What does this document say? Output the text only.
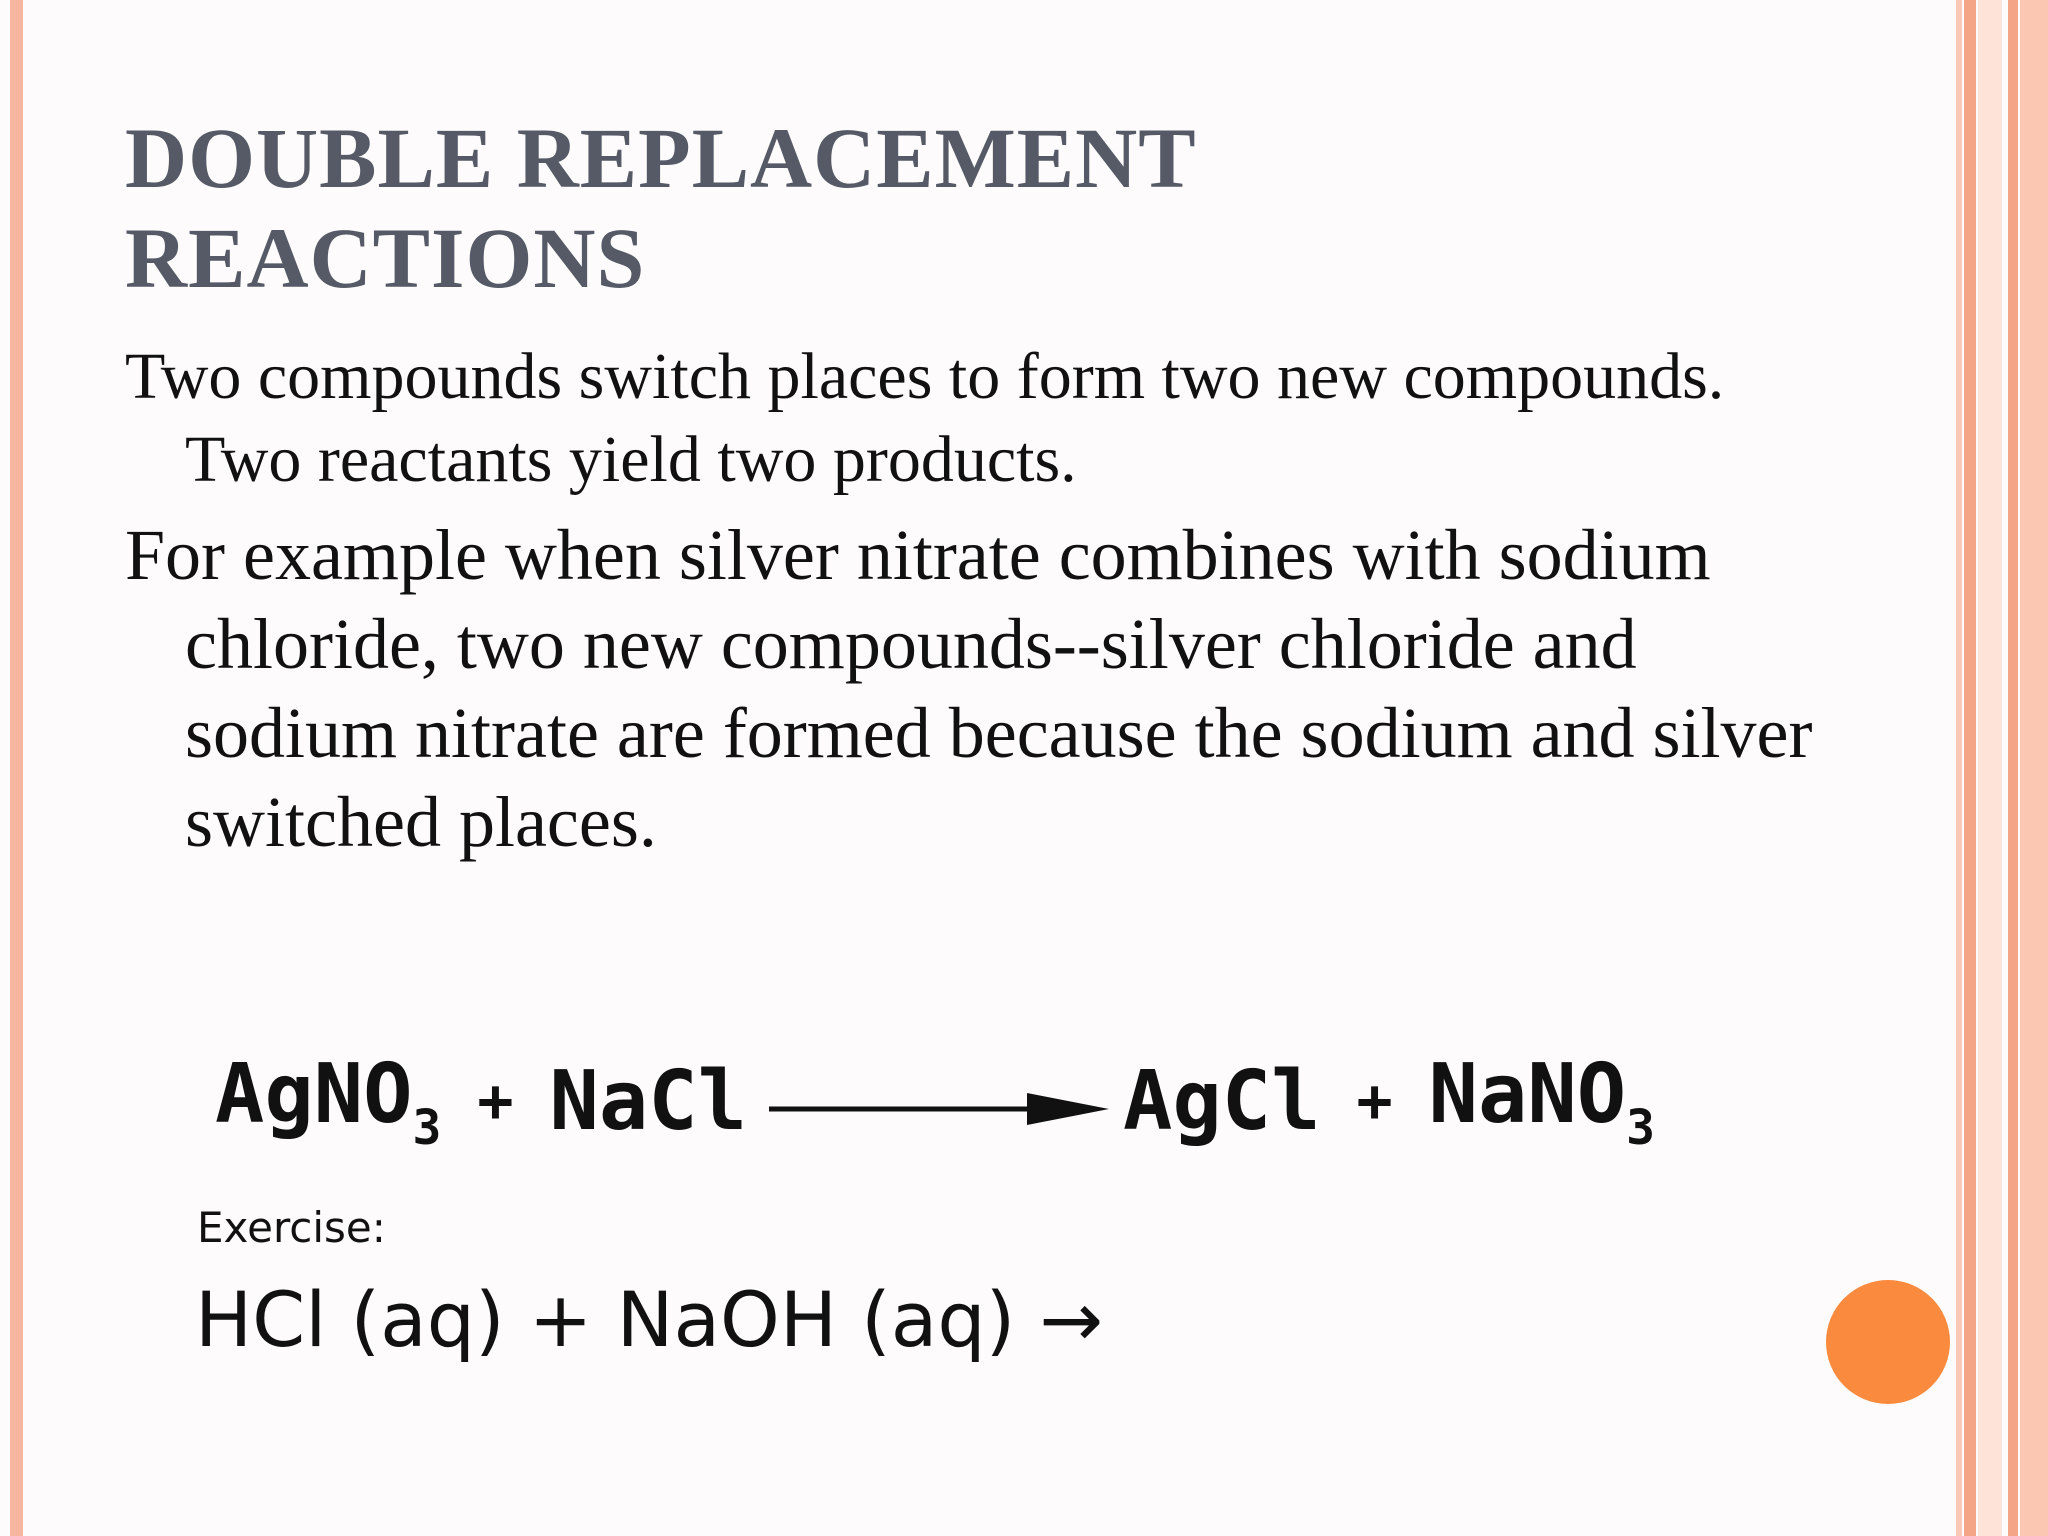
DOUBLE REPLACEMENT
REACTIONS

Two compounds switch places to form two new compounds. Two reactants yield two products.

For example when silver nitrate combines with sodium chloride, two new compounds--silver chloride and sodium nitrate are formed because the sodium and silver switched places.

AgNO$_3$ + NaCl	AgCl + NaNO$_3$
Exercise:
HCl (aq) + NaOH (aq) →
